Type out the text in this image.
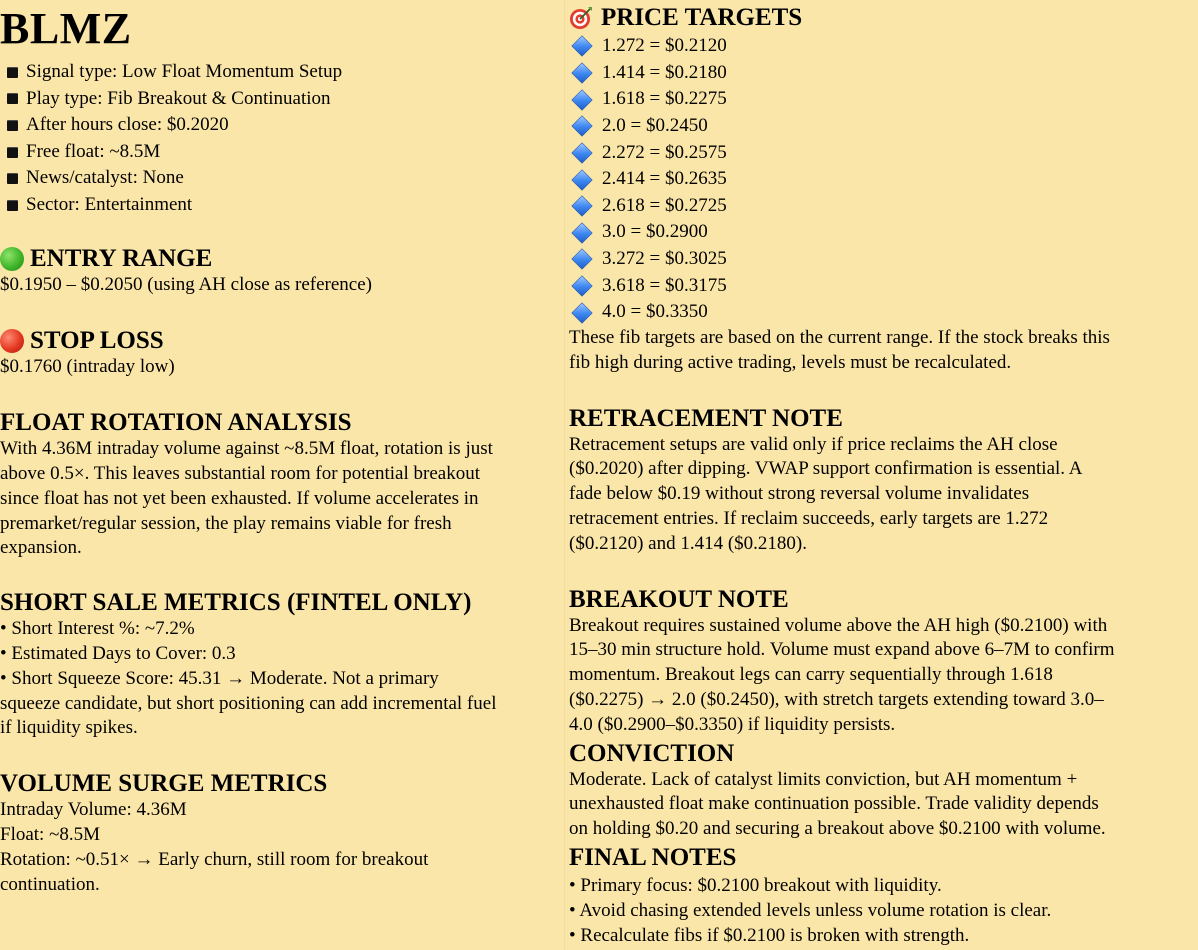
BLMZ
Signal type: Low Float Momentum Setup
Play type: Fib Breakout & Continuation
After hours close: $0.2020
Free float: ~8.5M
News/catalyst: None
Sector: Entertainment
ENTRY RANGE

$0.1950 – $0.2050 (using AH close as reference)

STOP LOSS

$0.1760 (intraday low)

FLOAT ROTATION ANALYSIS
With 4.36M intraday volume against ~8.5M float, rotation is just
above 0.5×. This leaves substantial room for potential breakout
since float has not yet been exhausted. If volume accelerates in
premarket/regular session, the play remains viable for fresh
expansion.
SHORT SALE METRICS (FINTEL ONLY)
• Short Interest %: ~7.2%
• Estimated Days to Cover: 0.3
• Short Squeeze Score: 45.31 → Moderate. Not a primary
squeeze candidate, but short positioning can add incremental fuel
if liquidity spikes.
VOLUME SURGE METRICS
Intraday Volume: 4.36M
Float: ~8.5M
Rotation: ~0.51× → Early churn, still room for breakout
continuation.
PRICE TARGETS
1.272 = $0.2120
1.414 = $0.2180
1.618 = $0.2275
2.0 = $0.2450
2.272 = $0.2575
2.414 = $0.2635
2.618 = $0.2725
3.0 = $0.2900
3.272 = $0.3025
3.618 = $0.3175
4.0 = $0.3350
These fib targets are based on the current range. If the stock breaks this
fib high during active trading, levels must be recalculated.
RETRACEMENT NOTE
Retracement setups are valid only if price reclaims the AH close
($0.2020) after dipping. VWAP support confirmation is essential. A
fade below $0.19 without strong reversal volume invalidates
retracement entries. If reclaim succeeds, early targets are 1.272
($0.2120) and 1.414 ($0.2180).
BREAKOUT NOTE
Breakout requires sustained volume above the AH high ($0.2100) with
15–30 min structure hold. Volume must expand above 6–7M to confirm
momentum. Breakout legs can carry sequentially through 1.618
($0.2275) → 2.0 ($0.2450), with stretch targets extending toward 3.0–
4.0 ($0.2900–$0.3350) if liquidity persists.
CONVICTION
Moderate. Lack of catalyst limits conviction, but AH momentum +
unexhausted float make continuation possible. Trade validity depends
on holding $0.20 and securing a breakout above $0.2100 with volume.
FINAL NOTES
• Primary focus: $0.2100 breakout with liquidity.
• Avoid chasing extended levels unless volume rotation is clear.
• Recalculate fibs if $0.2100 is broken with strength.
